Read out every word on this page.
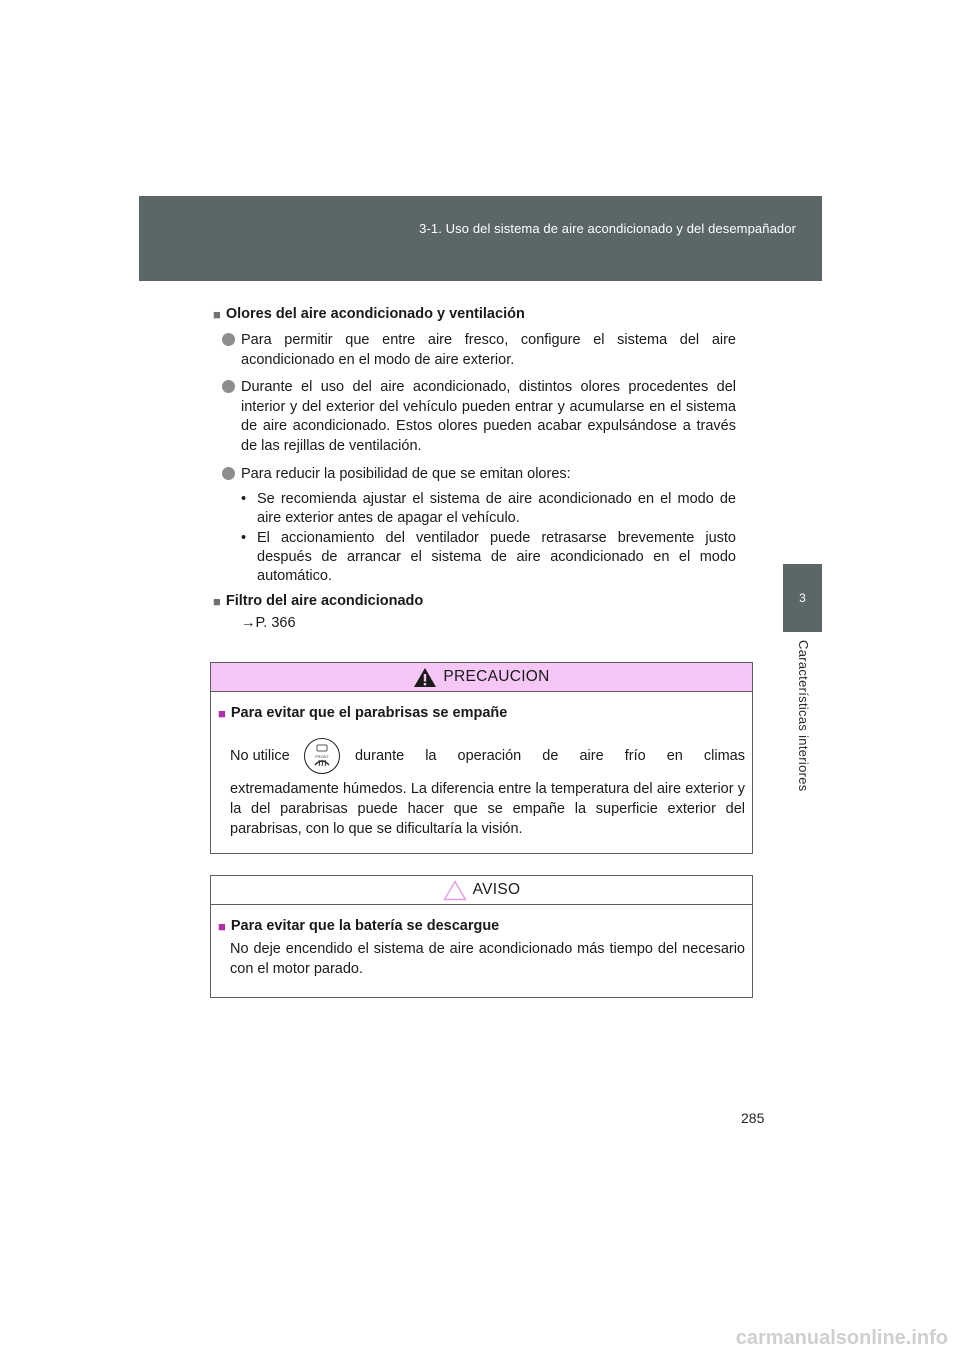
3-1. Uso del sistema de aire acondicionado y del desempañador
3
Características interiores
■ Olores del aire acondicionado y ventilación
Para permitir que entre aire fresco, configure el sistema del aire acondicionado en el modo de aire exterior.
Durante el uso del aire acondicionado, distintos olores procedentes del interior y del exterior del vehículo pueden entrar y acumularse en el sistema de aire acondicionado. Estos olores pueden acabar expulsándose a través de las rejillas de ventilación.
Para reducir la posibilidad de que se emitan olores:
• Se recomienda ajustar el sistema de aire acondicionado en el modo de aire exterior antes de apagar el vehículo.
• El accionamiento del ventilador puede retrasarse brevemente justo después de arrancar el sistema de aire acondicionado en el modo automático.
■ Filtro del aire acondicionado
→P. 366
PRECAUCION
■ Para evitar que el parabrisas se empañe
No utilice	FRONT durante la operación de aire frío en climas
extremadamente húmedos. La diferencia entre la temperatura del aire exterior y la del parabrisas puede hacer que se empañe la superficie exterior del parabrisas, con lo que se dificultaría la visión.
AVISO
■ Para evitar que la batería se descargue
No deje encendido el sistema de aire acondicionado más tiempo del necesario con el motor parado.
285
carmanualsonline.info
